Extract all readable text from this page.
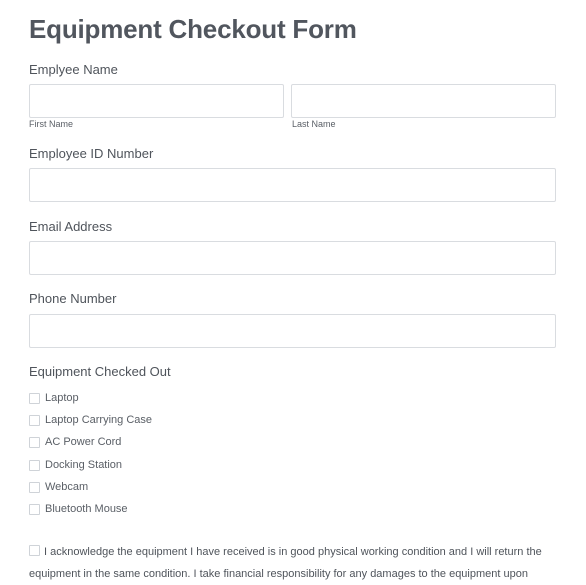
Equipment Checkout Form
Emplyee Name
First Name	Last Name
Employee ID Number
Email Address
Phone Number
Equipment Checked Out
Laptop
Laptop Carrying Case
AC Power Cord
Docking Station
Webcam
Bluetooth Mouse
I acknowledge the equipment I have received is in good physical working condition and I will return the equipment in the same condition. I take financial responsibility for any damages to the equipment upon
